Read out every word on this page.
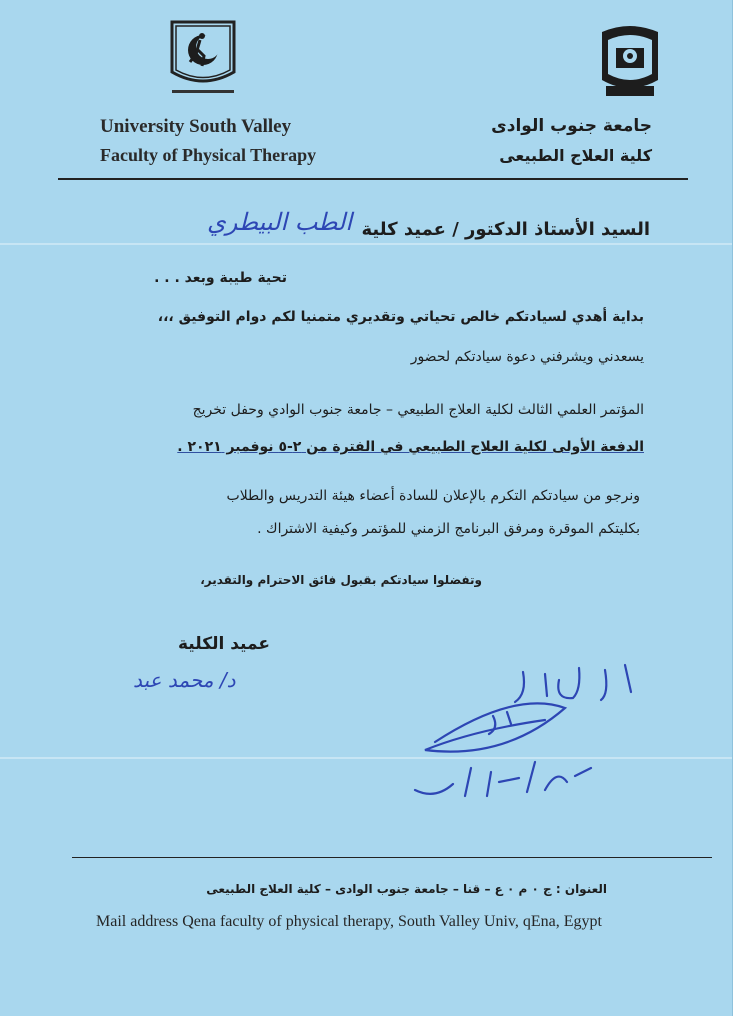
University South Valley
Faculty of Physical Therapy
جامعة جنوب الوادى
كلية العلاج الطبيعى
السيد الأستاذ الدكتور / عميد كلية
الطب البيطري
تحية طيبة وبعد . . .
بداية أهدي لسيادتكم خالص تحياتي وتقديري متمنيا لكم دوام التوفيق ،،،
يسعدني ويشرفني دعوة سيادتكم لحضور
المؤتمر العلمي الثالث لكلية العلاج الطبيعي – جامعة جنوب الوادي وحفل تخريج
الدفعة الأولى لكلية العلاج الطبيعي في الفترة من ٢-٥ نوفمبر ٢٠٢١ .
ونرجو من سيادتكم التكرم بالإعلان للسادة أعضاء هيئة التدريس والطلاب
بكليتكم الموقرة ومرفق البرنامج الزمني للمؤتمر وكيفية الاشتراك .
وتفضلوا سيادتكم بقبول فائق الاحترام والتقدير،
عميد الكلية
د/ محمد عبد
العنوان : ج ٠ م ٠ ع – قنا – جامعة جنوب الوادى – كلية العلاج الطبيعى
Mail address Qena faculty of physical therapy, South Valley Univ, qEna, Egypt
